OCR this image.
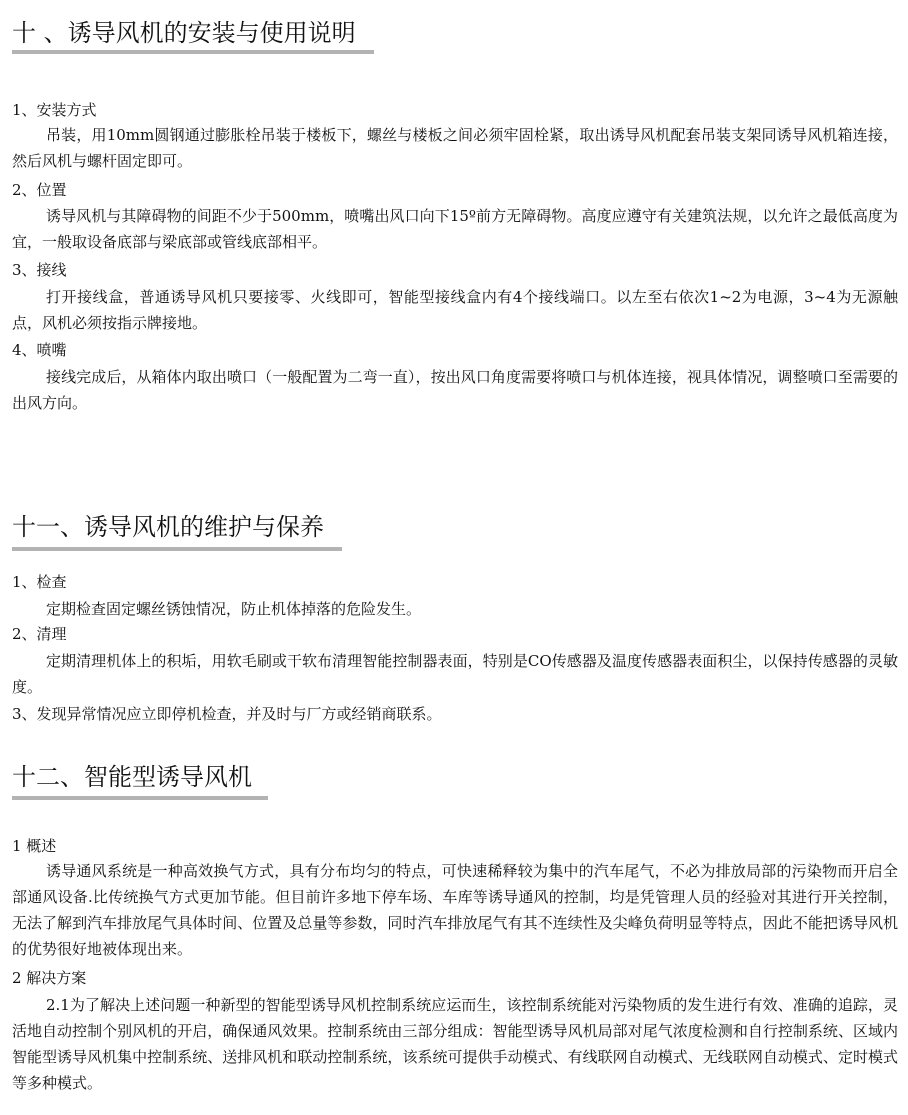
十 、诱导风机的安装与使用说明
1、安装方式
吊装，用10mm圆钢通过膨胀栓吊装于楼板下，螺丝与楼板之间必须牢固栓紧，取出诱导风机配套吊装支架同诱导风机箱连接，然后风机与螺杆固定即可。
2、位置
诱导风机与其障碍物的间距不少于500mm，喷嘴出风口向下15º前方无障碍物。高度应遵守有关建筑法规，以允许之最低高度为宜，一般取设备底部与梁底部或管线底部相平。
3、接线
打开接线盒，普通诱导风机只要接零、火线即可，智能型接线盒内有4个接线端口。以左至右依次1~2为电源，3~4为无源触点，风机必须按指示牌接地。
4、喷嘴
接线完成后，从箱体内取出喷口（一般配置为二弯一直），按出风口角度需要将喷口与机体连接，视具体情况，调整喷口至需要的出风方向。
十一、诱导风机的维护与保养
1、检查
定期检查固定螺丝锈蚀情况，防止机体掉落的危险发生。
2、清理
定期清理机体上的积垢，用软毛刷或干软布清理智能控制器表面，特别是CO传感器及温度传感器表面积尘，以保持传感器的灵敏度。
3、发现异常情况应立即停机检查，并及时与厂方或经销商联系。
十二、智能型诱导风机
1 概述
诱导通风系统是一种高效换气方式，具有分布均匀的特点，可快速稀释较为集中的汽车尾气，不必为排放局部的污染物而开启全部通风设备.比传统换气方式更加节能。但目前许多地下停车场、车库等诱导通风的控制，均是凭管理人员的经验对其进行开关控制，无法了解到汽车排放尾气具体时间、位置及总量等参数，同时汽车排放尾气有其不连续性及尖峰负荷明显等特点，因此不能把诱导风机的优势很好地被体现出来。
2 解决方案
2.1为了解决上述问题一种新型的智能型诱导风机控制系统应运而生，该控制系统能对污染物质的发生进行有效、准确的追踪，灵活地自动控制个别风机的开启，确保通风效果。控制系统由三部分组成：智能型诱导风机局部对尾气浓度检测和自行控制系统、区域内智能型诱导风机集中控制系统、送排风机和联动控制系统，该系统可提供手动模式、有线联网自动模式、无线联网自动模式、定时模式等多种模式。
